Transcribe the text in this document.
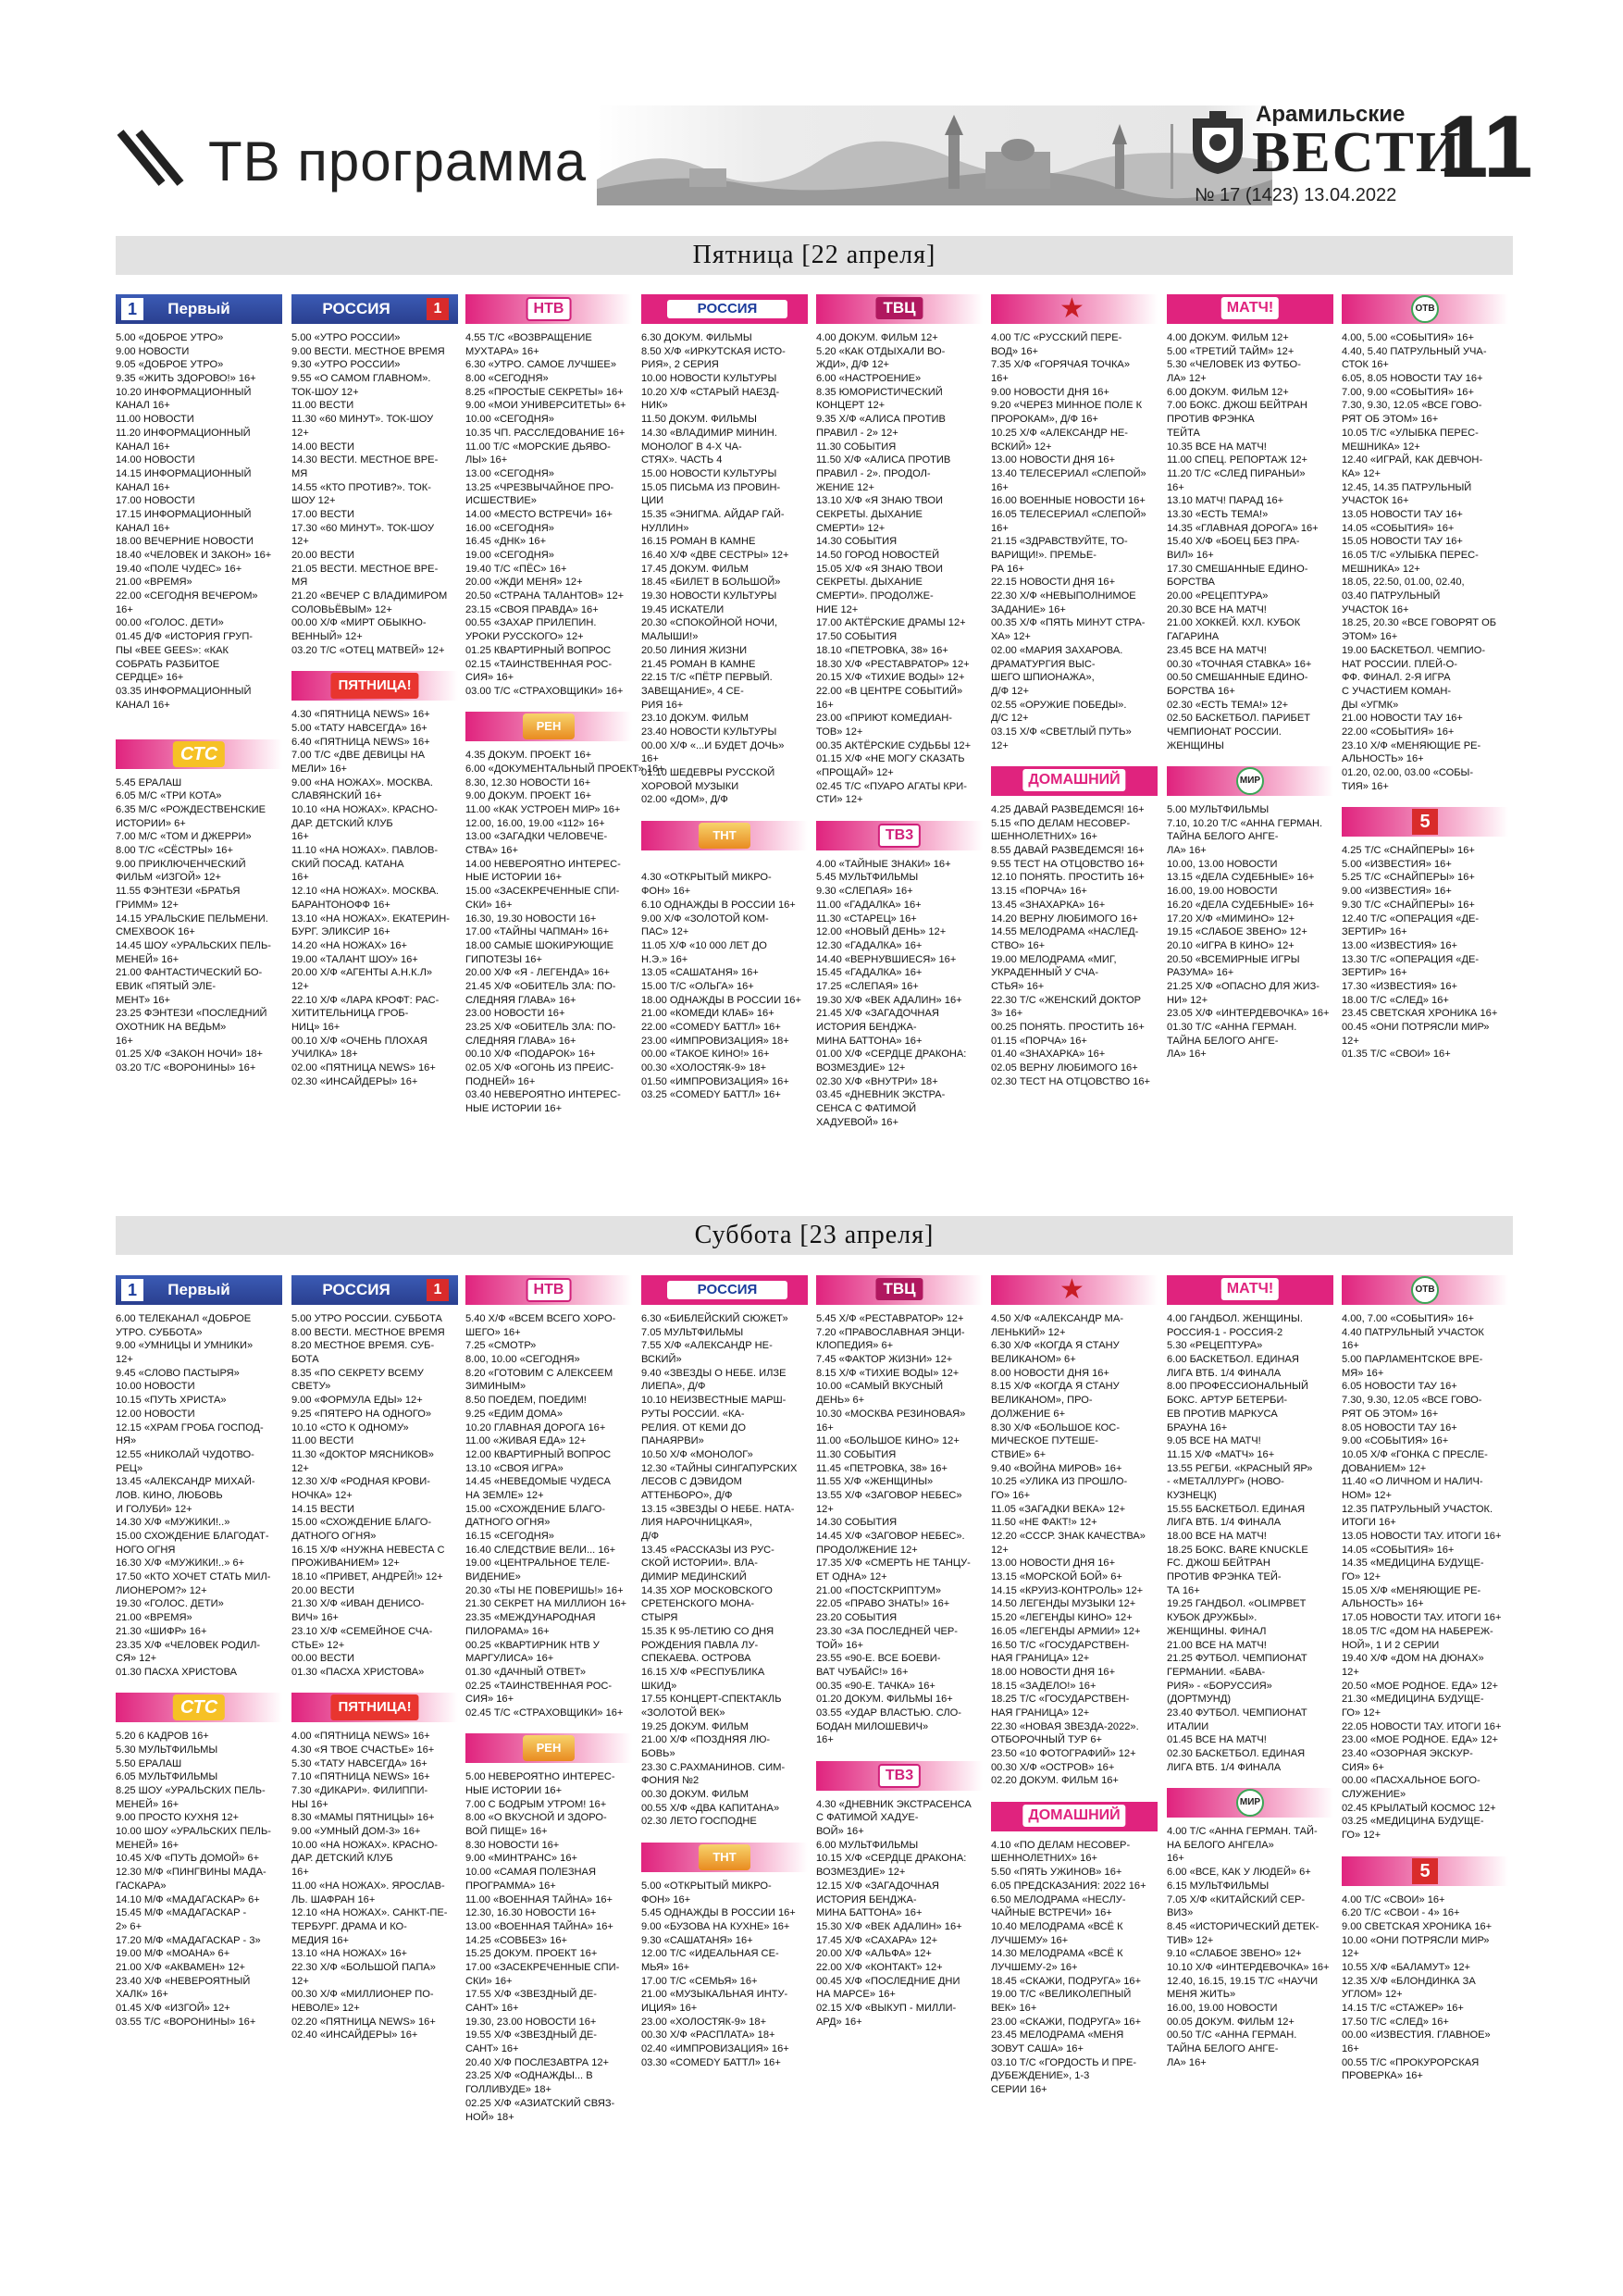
ТВ программа
Арамильские
ВЕСТИ
11
№ 17 (1423) 13.04.2022
Пятница [22 апреля]
Суббота [23 апреля]
1	Первый
5.00 «ДОБРОЕ УТРО»
9.00 НОВОСТИ
9.05 «ДОБРОЕ УТРО»
9.35 «ЖИТЬ ЗДОРОВО!» 16+
10.20 ИНФОРМАЦИОННЫЙ
КАНАЛ 16+
11.00 НОВОСТИ
11.20 ИНФОРМАЦИОННЫЙ
КАНАЛ 16+
14.00 НОВОСТИ
14.15 ИНФОРМАЦИОННЫЙ
КАНАЛ 16+
17.00 НОВОСТИ
17.15 ИНФОРМАЦИОННЫЙ
КАНАЛ 16+
18.00 ВЕЧЕРНИЕ НОВОСТИ
18.40 «ЧЕЛОВЕК И ЗАКОН» 16+
19.40 «ПОЛЕ ЧУДЕС» 16+
21.00 «ВРЕМЯ»
22.00 «СЕГОДНЯ ВЕЧЕРОМ»
16+
00.00 «ГОЛОС. ДЕТИ»
01.45 Д/Ф «ИСТОРИЯ ГРУП-
ПЫ «BEE GEES»: «КАК
СОБРАТЬ РАЗБИТОЕ
СЕРДЦЕ» 16+
03.35 ИНФОРМАЦИОННЫЙ
КАНАЛ 16+
СТС
5.45 ЕРАЛАШ
6.05 М/С «ТРИ КОТА»
6.35 М/С «РОЖДЕСТВЕНСКИЕ
ИСТОРИИ» 6+
7.00 М/С «ТОМ И ДЖЕРРИ»
8.00 Т/С «СЁСТРЫ» 16+
9.00 ПРИКЛЮЧЕНЧЕСКИЙ
ФИЛЬМ «ИЗГОЙ» 12+
11.55 ФЭНТЕЗИ «БРАТЬЯ
ГРИММ» 12+
14.15 УРАЛЬСКИЕ ПЕЛЬМЕНИ.
СМЕХBOOK 16+
14.45 ШОУ «УРАЛЬСКИХ ПЕЛЬ-
МЕНЕЙ» 16+
21.00 ФАНТАСТИЧЕСКИЙ БО-
ЕВИК «ПЯТЫЙ ЭЛЕ-
МЕНТ» 16+
23.25 ФЭНТЕЗИ «ПОСЛЕДНИЙ
ОХОТНИК НА ВЕДЬМ»
16+
01.25 Х/Ф «ЗАКОН НОЧИ» 18+
03.20 Т/С «ВОРОНИНЫ» 16+
РОССИЯ	1
5.00 «УТРО РОССИИ»
9.00 ВЕСТИ. МЕСТНОЕ ВРЕМЯ
9.30 «УТРО РОССИИ»
9.55 «О САМОМ ГЛАВНОМ».
ТОК-ШОУ 12+
11.00 ВЕСТИ
11.30 «60 МИНУТ». ТОК-ШОУ
12+
14.00 ВЕСТИ
14.30 ВЕСТИ. МЕСТНОЕ ВРЕ-
МЯ
14.55 «КТО ПРОТИВ?». ТОК-
ШОУ 12+
17.00 ВЕСТИ
17.30 «60 МИНУТ». ТОК-ШОУ
12+
20.00 ВЕСТИ
21.05 ВЕСТИ. МЕСТНОЕ ВРЕ-
МЯ
21.20 «ВЕЧЕР С ВЛАДИМИРОМ
СОЛОВЬЁВЫМ» 12+
00.00 Х/Ф «МИРТ ОБЫКНО-
ВЕННЫЙ» 12+
03.20 Т/С «ОТЕЦ МАТВЕЙ» 12+
ПЯТНИЦА!
4.30 «ПЯТНИЦА NEWS» 16+
5.00 «ТАТУ НАВСЕГДА» 16+
6.40 «ПЯТНИЦА NEWS» 16+
7.00 Т/С «ДВЕ ДЕВИЦЫ НА
МЕЛИ» 16+
9.00 «НА НОЖАХ». МОСКВА.
СЛАВЯНСКИЙ 16+
10.10 «НА НОЖАХ». КРАСНО-
ДАР. ДЕТСКИЙ КЛУБ
16+
11.10 «НА НОЖАХ». ПАВЛОВ-
СКИЙ ПОСАД. КАТАНА
16+
12.10 «НА НОЖАХ». МОСКВА.
БАРАНТОНОФФ 16+
13.10 «НА НОЖАХ». ЕКАТЕРИН-
БУРГ. ЭЛИКСИР 16+
14.20 «НА НОЖАХ» 16+
19.00 «ТАЛАНТ ШОУ» 16+
20.00 Х/Ф «АГЕНТЫ А.Н.К.Л»
12+
22.10 Х/Ф «ЛАРА КРОФТ: РАС-
ХИТИТЕЛЬНИЦА ГРОБ-
НИЦ» 16+
00.10 Х/Ф «ОЧЕНЬ ПЛОХАЯ
УЧИЛКА» 18+
02.00 «ПЯТНИЦА NEWS» 16+
02.30 «ИНСАЙДЕРЫ» 16+
НТВ
4.55 Т/С «ВОЗВРАЩЕНИЕ
МУХТАРА» 16+
6.30 «УТРО. САМОЕ ЛУЧШЕЕ»
8.00 «СЕГОДНЯ»
8.25 «ПРОСТЫЕ СЕКРЕТЫ» 16+
9.00 «МОИ УНИВЕРСИТЕТЫ» 6+
10.00 «СЕГОДНЯ»
10.35 ЧП. РАССЛЕДОВАНИЕ 16+
11.00 Т/С «МОРСКИЕ ДЬЯВО-
ЛЫ» 16+
13.00 «СЕГОДНЯ»
13.25 «ЧРЕЗВЫЧАЙНОЕ ПРО-
ИСШЕСТВИЕ»
14.00 «МЕСТО ВСТРЕЧИ» 16+
16.00 «СЕГОДНЯ»
16.45 «ДНК» 16+
19.00 «СЕГОДНЯ»
19.40 Т/С «ПЁС» 16+
20.00 «ЖДИ МЕНЯ» 12+
20.50 «СТРАНА ТАЛАНТОВ» 12+
23.15 «СВОЯ ПРАВДА» 16+
00.55 «ЗАХАР ПРИЛЕПИН.
УРОКИ РУССКОГО» 12+
01.25 КВАРТИРНЫЙ ВОПРОС
02.15 «ТАИНСТВЕННАЯ РОС-
СИЯ» 16+
03.00 Т/С «СТРАХОВЩИКИ» 16+
РЕН
4.35 ДОКУМ. ПРОЕКТ 16+
6.00 «ДОКУМЕНТАЛЬНЫЙ ПРОЕКТ» 16+
8.30, 12.30 НОВОСТИ 16+
9.00 ДОКУМ. ПРОЕКТ 16+
11.00 «КАК УСТРОЕН МИР» 16+
12.00, 16.00, 19.00 «112» 16+
13.00 «ЗАГАДКИ ЧЕЛОВЕЧЕ-
СТВА» 16+
14.00 НЕВЕРОЯТНО ИНТЕРЕС-
НЫЕ ИСТОРИИ 16+
15.00 «ЗАСЕКРЕЧЕННЫЕ СПИ-
СКИ» 16+
16.30, 19.30 НОВОСТИ 16+
17.00 «ТАЙНЫ ЧАПМАН» 16+
18.00 САМЫЕ ШОКИРУЮЩИЕ
ГИПОТЕЗЫ 16+
20.00 Х/Ф «Я - ЛЕГЕНДА» 16+
21.45 Х/Ф «ОБИТЕЛЬ ЗЛА: ПО-
СЛЕДНЯЯ ГЛАВА» 16+
23.00 НОВОСТИ 16+
23.25 Х/Ф «ОБИТЕЛЬ ЗЛА: ПО-
СЛЕДНЯЯ ГЛАВА» 16+
00.10 Х/Ф «ПОДАРОК» 16+
02.05 Х/Ф «ОГОНЬ ИЗ ПРЕИС-
ПОДНЕЙ» 16+
03.40 НЕВЕРОЯТНО ИНТЕРЕС-
НЫЕ ИСТОРИИ 16+
РОССИЯ
6.30 ДОКУМ. ФИЛЬМЫ
8.50 Х/Ф «ИРКУТСКАЯ ИСТО-
РИЯ», 2 СЕРИЯ
10.00 НОВОСТИ КУЛЬТУРЫ
10.20 Х/Ф «СТАРЫЙ НАЕЗД-
НИК»
11.50 ДОКУМ. ФИЛЬМЫ
14.30 «ВЛАДИМИР МИНИН.
МОНОЛОГ В 4-Х ЧА-
СТЯХ». ЧАСТЬ 4
15.00 НОВОСТИ КУЛЬТУРЫ
15.05 ПИСЬМА ИЗ ПРОВИН-
ЦИИ
15.35 «ЭНИГМА. АЙДАР ГАЙ-
НУЛЛИН»
16.15 РОМАН В КАМНЕ
16.40 Х/Ф «ДВЕ СЕСТРЫ» 12+
17.45 ДОКУМ. ФИЛЬМ
18.45 «БИЛЕТ В БОЛЬШОЙ»
19.30 НОВОСТИ КУЛЬТУРЫ
19.45 ИСКАТЕЛИ
20.30 «СПОКОЙНОЙ НОЧИ,
МАЛЫШИ!»
20.50 ЛИНИЯ ЖИЗНИ
21.45 РОМАН В КАМНЕ
22.15 Т/С «ПЁТР ПЕРВЫЙ.
ЗАВЕЩАНИЕ», 4 СЕ-
РИЯ 16+
23.10 ДОКУМ. ФИЛЬМ
23.40 НОВОСТИ КУЛЬТУРЫ
00.00 Х/Ф «...И БУДЕТ ДОЧЬ»
16+
01.10 ШЕДЕВРЫ РУССКОЙ
ХОРОВОЙ МУЗЫКИ
02.00 «ДОМ», Д/Ф
ТНТ
4.30 «ОТКРЫТЫЙ МИКРО-
ФОН» 16+
6.10 ОДНАЖДЫ В РОССИИ 16+
9.00 Х/Ф «ЗОЛОТОЙ КОМ-
ПАС» 12+
11.05 Х/Ф «10 000 ЛЕТ ДО
Н.Э.» 16+
13.05 «САШАТАНЯ» 16+
15.00 Т/С «ОЛЬГА» 16+
18.00 ОДНАЖДЫ В РОССИИ 16+
21.00 «КОМЕДИ КЛАБ» 16+
22.00 «COMEDY БАТТЛ» 16+
23.00 «ИМПРОВИЗАЦИЯ» 18+
00.00 «ТАКОЕ КИНО!» 16+
00.30 «ХОЛОСТЯК-9» 18+
01.50 «ИМПРОВИЗАЦИЯ» 16+
03.25 «COMEDY БАТТЛ» 16+
ТВЦ
4.00 ДОКУМ. ФИЛЬМ 12+
5.20 «КАК ОТДЫХАЛИ ВО-
ЖДИ», Д/Ф 12+
6.00 «НАСТРОЕНИЕ»
8.35 ЮМОРИСТИЧЕСКИЙ
КОНЦЕРТ 12+
9.35 Х/Ф «АЛИСА ПРОТИВ
ПРАВИЛ - 2» 12+
11.30 СОБЫТИЯ
11.50 Х/Ф «АЛИСА ПРОТИВ
ПРАВИЛ - 2». ПРОДОЛ-
ЖЕНИЕ 12+
13.10 Х/Ф «Я ЗНАЮ ТВОИ
СЕКРЕТЫ. ДЫХАНИЕ
СМЕРТИ» 12+
14.30 СОБЫТИЯ
14.50 ГОРОД НОВОСТЕЙ
15.05 Х/Ф «Я ЗНАЮ ТВОИ
СЕКРЕТЫ. ДЫХАНИЕ
СМЕРТИ». ПРОДОЛЖЕ-
НИЕ 12+
17.00 АКТЁРСКИЕ ДРАМЫ 12+
17.50 СОБЫТИЯ
18.10 «ПЕТРОВКА, 38» 16+
18.30 Х/Ф «РЕСТАВРАТОР» 12+
20.15 Х/Ф «ТИХИЕ ВОДЫ» 12+
22.00 «В ЦЕНТРЕ СОБЫТИЙ»
16+
23.00 «ПРИЮТ КОМЕДИАН-
ТОВ» 12+
00.35 АКТЁРСКИЕ СУДЬБЫ 12+
01.15 Х/Ф «НЕ МОГУ СКАЗАТЬ
«ПРОЩАЙ» 12+
02.45 Т/С «ПУАРО АГАТЫ КРИ-
СТИ» 12+
ТВ3
4.00 «ТАЙНЫЕ ЗНАКИ» 16+
5.45 МУЛЬТФИЛЬМЫ
9.30 «СЛЕПАЯ» 16+
11.00 «ГАДАЛКА» 16+
11.30 «СТАРЕЦ» 16+
12.00 «НОВЫЙ ДЕНЬ» 12+
12.30 «ГАДАЛКА» 16+
14.40 «ВЕРНУВШИЕСЯ» 16+
15.45 «ГАДАЛКА» 16+
17.25 «СЛЕПАЯ» 16+
19.30 Х/Ф «ВЕК АДАЛИН» 16+
21.45 Х/Ф «ЗАГАДОЧНАЯ
ИСТОРИЯ БЕНДЖА-
МИНА БАТТОНА» 16+
01.00 Х/Ф «СЕРДЦЕ ДРАКОНА:
ВОЗМЕЗДИЕ» 12+
02.30 Х/Ф «ВНУТРИ» 18+
03.45 «ДНЕВНИК ЭКСТРА-
СЕНСА С ФАТИМОЙ
ХАДУЕВОЙ» 16+
★
4.00 Т/С «РУССКИЙ ПЕРЕ-
ВОД» 16+
7.35 Х/Ф «ГОРЯЧАЯ ТОЧКА»
16+
9.00 НОВОСТИ ДНЯ 16+
9.20 «ЧЕРЕЗ МИННОЕ ПОЛЕ К
ПРОРОКАМ», Д/Ф 16+
10.25 Х/Ф «АЛЕКСАНДР НЕ-
ВСКИЙ» 12+
13.00 НОВОСТИ ДНЯ 16+
13.40 ТЕЛЕСЕРИАЛ «СЛЕПОЙ»
16+
16.00 ВОЕННЫЕ НОВОСТИ 16+
16.05 ТЕЛЕСЕРИАЛ «СЛЕПОЙ»
16+
21.15 «ЗДРАВСТВУЙТЕ, ТО-
ВАРИЩИ!». ПРЕМЬЕ-
РА 16+
22.15 НОВОСТИ ДНЯ 16+
22.30 Х/Ф «НЕВЫПОЛНИМОЕ
ЗАДАНИЕ» 16+
00.35 Х/Ф «ПЯТЬ МИНУТ СТРА-
ХА» 12+
02.00 «МАРИЯ ЗАХАРОВА.
ДРАМАТУРГИЯ ВЫС-
ШЕГО ШПИОНАЖА»,
Д/Ф 12+
02.55 «ОРУЖИЕ ПОБЕДЫ».
Д/С 12+
03.15 Х/Ф «СВЕТЛЫЙ ПУТЬ»
12+
ДОМАШНИЙ
4.25 ДАВАЙ РАЗВЕДЕМСЯ! 16+
5.15 «ПО ДЕЛАМ НЕСОВЕР-
ШЕННОЛЕТНИХ» 16+
8.55 ДАВАЙ РАЗВЕДЕМСЯ! 16+
9.55 ТЕСТ НА ОТЦОВСТВО 16+
12.10 ПОНЯТЬ. ПРОСТИТЬ 16+
13.15 «ПОРЧА» 16+
13.45 «ЗНАХАРКА» 16+
14.20 ВЕРНУ ЛЮБИМОГО 16+
14.55 МЕЛОДРАМА «НАСЛЕД-
СТВО» 16+
19.00 МЕЛОДРАМА «МИГ,
УКРАДЕННЫЙ У СЧА-
СТЬЯ» 16+
22.30 Т/С «ЖЕНСКИЙ ДОКТОР
3» 16+
00.25 ПОНЯТЬ. ПРОСТИТЬ 16+
01.15 «ПОРЧА» 16+
01.40 «ЗНАХАРКА» 16+
02.05 ВЕРНУ ЛЮБИМОГО 16+
02.30 ТЕСТ НА ОТЦОВСТВО 16+
МАТЧ!
4.00 ДОКУМ. ФИЛЬМ 12+
5.00 «ТРЕТИЙ ТАЙМ» 12+
5.30 «ЧЕЛОВЕК ИЗ ФУТБО-
ЛА» 12+
6.00 ДОКУМ. ФИЛЬМ 12+
7.00 БОКС. ДЖОШ БЕЙТРАН
ПРОТИВ ФРЭНКА
ТЕЙТА
10.35 ВСЕ НА МАТЧ!
11.00 СПЕЦ. РЕПОРТАЖ 12+
11.20 Т/С «СЛЕД ПИРАНЬИ»
16+
13.10 МАТЧ! ПАРАД 16+
13.30 «ЕСТЬ ТЕМА!»
14.35 «ГЛАВНАЯ ДОРОГА» 16+
15.40 Х/Ф «БОЕЦ БЕЗ ПРА-
ВИЛ» 16+
17.30 СМЕШАННЫЕ ЕДИНО-
БОРСТВА
20.00 «РЕЦЕПТУРА»
20.30 ВСЕ НА МАТЧ!
21.00 ХОККЕЙ. КХЛ. КУБОК
ГАГАРИНА
23.45 ВСЕ НА МАТЧ!
00.30 «ТОЧНАЯ СТАВКА» 16+
00.50 СМЕШАННЫЕ ЕДИНО-
БОРСТВА 16+
02.30 «ЕСТЬ ТЕМА!» 12+
02.50 БАСКЕТБОЛ. ПАРИБЕТ
ЧЕМПИОНАТ РОССИИ.
ЖЕНЩИНЫ
МИР
5.00 МУЛЬТФИЛЬМЫ
7.10, 10.20 Т/С «АННА ГЕРМАН.
ТАЙНА БЕЛОГО АНГЕ-
ЛА» 16+
10.00, 13.00 НОВОСТИ
13.15 «ДЕЛА СУДЕБНЫЕ» 16+
16.00, 19.00 НОВОСТИ
16.20 «ДЕЛА СУДЕБНЫЕ» 16+
17.20 Х/Ф «МИМИНО» 12+
19.15 «СЛАБОЕ ЗВЕНО» 12+
20.10 «ИГРА В КИНО» 12+
20.50 «ВСЕМИРНЫЕ ИГРЫ
РАЗУМА» 16+
21.25 Х/Ф «ОПАСНО ДЛЯ ЖИЗ-
НИ» 12+
23.05 Х/Ф «ИНТЕРДЕВОЧКА» 16+
01.30 Т/С «АННА ГЕРМАН.
ТАЙНА БЕЛОГО АНГЕ-
ЛА» 16+
ОТВ
4.00, 5.00 «СОБЫТИЯ» 16+
4.40, 5.40 ПАТРУЛЬНЫЙ УЧА-
СТОК 16+
6.05, 8.05 НОВОСТИ ТАУ 16+
7.00, 9.00 «СОБЫТИЯ» 16+
7.30, 9.30, 12.05 «ВСЕ ГОВО-
РЯТ ОБ ЭТОМ» 16+
10.05 Т/С «УЛЫБКА ПЕРЕС-
МЕШНИКА» 12+
12.40 «ИГРАЙ, КАК ДЕВЧОН-
КА» 12+
12.45, 14.35 ПАТРУЛЬНЫЙ
УЧАСТОК 16+
13.05 НОВОСТИ ТАУ 16+
14.05 «СОБЫТИЯ» 16+
15.05 НОВОСТИ ТАУ 16+
16.05 Т/С «УЛЫБКА ПЕРЕС-
МЕШНИКА» 12+
18.05, 22.50, 01.00, 02.40,
03.40 ПАТРУЛЬНЫЙ
УЧАСТОК 16+
18.25, 20.30 «ВСЕ ГОВОРЯТ ОБ
ЭТОМ» 16+
19.00 БАСКЕТБОЛ. ЧЕМПИО-
НАТ РОССИИ. ПЛЕЙ-О-
ФФ. ФИНАЛ. 2-Я ИГРА
С УЧАСТИЕМ КОМАН-
ДЫ «УГМК»
21.00 НОВОСТИ ТАУ 16+
22.00 «СОБЫТИЯ» 16+
23.10 Х/Ф «МЕНЯЮЩИЕ РЕ-
АЛЬНОСТЬ» 16+
01.20, 02.00, 03.00 «СОБЫ-
ТИЯ» 16+
5
4.25 Т/С «СНАЙПЕРЫ» 16+
5.00 «ИЗВЕСТИЯ» 16+
5.25 Т/С «СНАЙПЕРЫ» 16+
9.00 «ИЗВЕСТИЯ» 16+
9.30 Т/С «СНАЙПЕРЫ» 16+
12.40 Т/С «ОПЕРАЦИЯ «ДЕ-
ЗЕРТИР» 16+
13.00 «ИЗВЕСТИЯ» 16+
13.30 Т/С «ОПЕРАЦИЯ «ДЕ-
ЗЕРТИР» 16+
17.30 «ИЗВЕСТИЯ» 16+
18.00 Т/С «СЛЕД» 16+
23.45 СВЕТСКАЯ ХРОНИКА 16+
00.45 «ОНИ ПОТРЯСЛИ МИР»
12+
01.35 Т/С «СВОИ» 16+
1	Первый
6.00 ТЕЛЕКАНАЛ «ДОБРОЕ
УТРО. СУББОТА»
9.00 «УМНИЦЫ И УМНИКИ»
12+
9.45 «СЛОВО ПАСТЫРЯ»
10.00 НОВОСТИ
10.15 «ПУТЬ ХРИСТА»
12.00 НОВОСТИ
12.15 «ХРАМ ГРОБА ГОСПОД-
НЯ»
12.55 «НИКОЛАЙ ЧУДОТВО-
РЕЦ»
13.45 «АЛЕКСАНДР МИХАЙ-
ЛОВ. КИНО, ЛЮБОВЬ
И ГОЛУБИ» 12+
14.30 Х/Ф «МУЖИКИ!..»
15.00 СХОЖДЕНИЕ БЛАГОДАТ-
НОГО ОГНЯ
16.30 Х/Ф «МУЖИКИ!..» 6+
17.50 «КТО ХОЧЕТ СТАТЬ МИЛ-
ЛИОНЕРОМ?» 12+
19.30 «ГОЛОС. ДЕТИ»
21.00 «ВРЕМЯ»
21.30 «ШИФР» 16+
23.35 Х/Ф «ЧЕЛОВЕК РОДИЛ-
СЯ» 12+
01.30 ПАСХА ХРИСТОВА
СТС
5.20 6 КАДРОВ 16+
5.30 МУЛЬТФИЛЬМЫ
5.50 ЕРАЛАШ
6.05 МУЛЬТФИЛЬМЫ
8.25 ШОУ «УРАЛЬСКИХ ПЕЛЬ-
МЕНЕЙ» 16+
9.00 ПРОСТО КУХНЯ 12+
10.00 ШОУ «УРАЛЬСКИХ ПЕЛЬ-
МЕНЕЙ» 16+
10.45 Х/Ф «ПУТЬ ДОМОЙ» 6+
12.30 М/Ф «ПИНГВИНЫ МАДА-
ГАСКАРА»
14.10 М/Ф «МАДАГАСКАР» 6+
15.45 М/Ф «МАДАГАСКАР -
2» 6+
17.20 М/Ф «МАДАГАСКАР - 3»
19.00 М/Ф «МОАНА» 6+
21.00 Х/Ф «АКВАМЕН» 12+
23.40 Х/Ф «НЕВЕРОЯТНЫЙ
ХАЛК» 16+
01.45 Х/Ф «ИЗГОЙ» 12+
03.55 Т/С «ВОРОНИНЫ» 16+
РОССИЯ	1
5.00 УТРО РОССИИ. СУББОТА
8.00 ВЕСТИ. МЕСТНОЕ ВРЕМЯ
8.20 МЕСТНОЕ ВРЕМЯ. СУБ-
БОТА
8.35 «ПО СЕКРЕТУ ВСЕМУ
СВЕТУ»
9.00 «ФОРМУЛА ЕДЫ» 12+
9.25 «ПЯТЕРО НА ОДНОГО»
10.10 «СТО К ОДНОМУ»
11.00 ВЕСТИ
11.30 «ДОКТОР МЯСНИКОВ»
12+
12.30 Х/Ф «РОДНАЯ КРОВИ-
НОЧКА» 12+
14.15 ВЕСТИ
15.00 «СХОЖДЕНИЕ БЛАГО-
ДАТНОГО ОГНЯ»
16.15 Х/Ф «НУЖНА НЕВЕСТА С
ПРОЖИВАНИЕМ» 12+
18.10 «ПРИВЕТ, АНДРЕЙ!» 12+
20.00 ВЕСТИ
21.30 Х/Ф «ИВАН ДЕНИСО-
ВИЧ» 16+
23.10 Х/Ф «СЕМЕЙНОЕ СЧА-
СТЬЕ» 12+
00.00 ВЕСТИ
01.30 «ПАСХА ХРИСТОВА»
ПЯТНИЦА!
4.00 «ПЯТНИЦА NEWS» 16+
4.30 «Я ТВОЕ СЧАСТЬЕ» 16+
5.30 «ТАТУ НАВСЕГДА» 16+
7.10 «ПЯТНИЦА NEWS» 16+
7.30 «ДИКАРИ». ФИЛИППИ-
НЫ 16+
8.30 «МАМЫ ПЯТНИЦЫ» 16+
9.00 «УМНЫЙ ДОМ-3» 16+
10.00 «НА НОЖАХ». КРАСНО-
ДАР. ДЕТСКИЙ КЛУБ
16+
11.00 «НА НОЖАХ». ЯРОСЛАВ-
ЛЬ. ШАФРАН 16+
12.10 «НА НОЖАХ». САНКТ-ПЕ-
ТЕРБУРГ. ДРАМА И КО-
МЕДИЯ 16+
13.10 «НА НОЖАХ» 16+
22.30 Х/Ф «БОЛЬШОЙ ПАПА»
12+
00.30 Х/Ф «МИЛЛИОНЕР ПО-
НЕВОЛЕ» 12+
02.20 «ПЯТНИЦА NEWS» 16+
02.40 «ИНСАЙДЕРЫ» 16+
НТВ
5.40 Х/Ф «ВСЕМ ВСЕГО ХОРО-
ШЕГО» 16+
7.25 «СМОТР»
8.00, 10.00 «СЕГОДНЯ»
8.20 «ГОТОВИМ С АЛЕКСЕЕМ
ЗИМИНЫМ»
8.50 ПОЕДЕМ, ПОЕДИМ!
9.25 «ЕДИМ ДОМА»
10.20 ГЛАВНАЯ ДОРОГА 16+
11.00 «ЖИВАЯ ЕДА» 12+
12.00 КВАРТИРНЫЙ ВОПРОС
13.10 «СВОЯ ИГРА»
14.45 «НЕВЕДОМЫЕ ЧУДЕСА
НА ЗЕМЛЕ» 12+
15.00 «СХОЖДЕНИЕ БЛАГО-
ДАТНОГО ОГНЯ»
16.15 «СЕГОДНЯ»
16.40 СЛЕДСТВИЕ ВЕЛИ... 16+
19.00 «ЦЕНТРАЛЬНОЕ ТЕЛЕ-
ВИДЕНИЕ»
20.30 «ТЫ НЕ ПОВЕРИШЬ!» 16+
21.30 СЕКРЕТ НА МИЛЛИОН 16+
23.35 «МЕЖДУНАРОДНАЯ
ПИЛОРАМА» 16+
00.25 «КВАРТИРНИК НТВ У
МАРГУЛИСА» 16+
01.30 «ДАЧНЫЙ ОТВЕТ»
02.25 «ТАИНСТВЕННАЯ РОС-
СИЯ» 16+
02.45 Т/С «СТРАХОВЩИКИ» 16+
РЕН
5.00 НЕВЕРОЯТНО ИНТЕРЕС-
НЫЕ ИСТОРИИ 16+
7.00 С БОДРЫМ УТРОМ! 16+
8.00 «О ВКУСНОЙ И ЗДОРО-
ВОЙ ПИЩЕ» 16+
8.30 НОВОСТИ 16+
9.00 «МИНТРАНС» 16+
10.00 «САМАЯ ПОЛЕЗНАЯ
ПРОГРАММА» 16+
11.00 «ВОЕННАЯ ТАЙНА» 16+
12.30, 16.30 НОВОСТИ 16+
13.00 «ВОЕННАЯ ТАЙНА» 16+
14.25 «СОВБЕЗ» 16+
15.25 ДОКУМ. ПРОЕКТ 16+
17.00 «ЗАСЕКРЕЧЕННЫЕ СПИ-
СКИ» 16+
17.55 Х/Ф «ЗВЕЗДНЫЙ ДЕ-
САНТ» 16+
19.30, 23.00 НОВОСТИ 16+
19.55 Х/Ф «ЗВЕЗДНЫЙ ДЕ-
САНТ» 16+
20.40 Х/Ф ПОСЛЕЗАВТРА 12+
23.25 Х/Ф «ОДНАЖДЫ... В
ГОЛЛИВУДЕ» 18+
02.25 Х/Ф «АЗИАТСКИЙ СВЯЗ-
НОЙ» 18+
РОССИЯ
6.30 «БИБЛЕЙСКИЙ СЮЖЕТ»
7.05 МУЛЬТФИЛЬМЫ
7.55 Х/Ф «АЛЕКСАНДР НЕ-
ВСКИЙ»
9.40 «ЗВЕЗДЫ О НЕБЕ. ИЛЗЕ
ЛИЕПА», Д/Ф
10.10 НЕИЗВЕСТНЫЕ МАРШ-
РУТЫ РОССИИ. «КА-
РЕЛИЯ. ОТ КЕМИ ДО
ПАНАЯРВИ»
10.50 Х/Ф «МОНОЛОГ»
12.30 «ТАЙНЫ СИНГАПУРСКИХ
ЛЕСОВ С ДЭВИДОМ
АТТЕНБОРО», Д/Ф
13.15 «ЗВЕЗДЫ О НЕБЕ. НАТА-
ЛИЯ НАРОЧНИЦКАЯ»,
Д/Ф
13.45 «РАССКАЗЫ ИЗ РУС-
СКОЙ ИСТОРИИ». ВЛА-
ДИМИР МЕДИНСКИЙ
14.35 ХОР МОСКОВСКОГО
СРЕТЕНСКОГО МОНА-
СТЫРЯ
15.35 К 95-ЛЕТИЮ СО ДНЯ
РОЖДЕНИЯ ПАВЛА ЛУ-
СПЕКАЕВА. ОСТРОВА
16.15 Х/Ф «РЕСПУБЛИКА
ШКИД»
17.55 КОНЦЕРТ-СПЕКТАКЛЬ
«ЗОЛОТОЙ ВЕК»
19.25 ДОКУМ. ФИЛЬМ
21.00 Х/Ф «ПОЗДНЯЯ ЛЮ-
БОВЬ»
23.30 С.РАХМАНИНОВ. СИМ-
ФОНИЯ №2
00.30 ДОКУМ. ФИЛЬМ
00.55 Х/Ф «ДВА КАПИТАНА»
02.30 ЛЕТО ГОСПОДНЕ
ТНТ
5.00 «ОТКРЫТЫЙ МИКРО-
ФОН» 16+
5.45 ОДНАЖДЫ В РОССИИ 16+
9.00 «БУЗОВА НА КУХНЕ» 16+
9.30 «САШАТАНЯ» 16+
12.00 Т/С «ИДЕАЛЬНАЯ СЕ-
МЬЯ» 16+
17.00 Т/С «СЕМЬЯ» 16+
21.00 «МУЗЫКАЛЬНАЯ ИНТУ-
ИЦИЯ» 16+
23.00 «ХОЛОСТЯК-9» 18+
00.30 Х/Ф «РАСПЛАТА» 18+
02.40 «ИМПРОВИЗАЦИЯ» 16+
03.30 «COMEDY БАТТЛ» 16+
ТВЦ
5.45 Х/Ф «РЕСТАВРАТОР» 12+
7.20 «ПРАВОСЛАВНАЯ ЭНЦИ-
КЛОПЕДИЯ» 6+
7.45 «ФАКТОР ЖИЗНИ» 12+
8.15 Х/Ф «ТИХИЕ ВОДЫ» 12+
10.00 «САМЫЙ ВКУСНЫЙ
ДЕНЬ» 6+
10.30 «МОСКВА РЕЗИНОВАЯ»
16+
11.00 «БОЛЬШОЕ КИНО» 12+
11.30 СОБЫТИЯ
11.45 «ПЕТРОВКА, 38» 16+
11.55 Х/Ф «ЖЕНЩИНЫ»
13.55 Х/Ф «ЗАГОВОР НЕБЕС»
12+
14.30 СОБЫТИЯ
14.45 Х/Ф «ЗАГОВОР НЕБЕС».
ПРОДОЛЖЕНИЕ 12+
17.35 Х/Ф «СМЕРТЬ НЕ ТАНЦУ-
ЕТ ОДНА» 12+
21.00 «ПОСТСКРИПТУМ»
22.05 «ПРАВО ЗНАТЬ!» 16+
23.20 СОБЫТИЯ
23.30 «ЗА ПОСЛЕДНЕЙ ЧЕР-
ТОЙ» 16+
23.55 «90-Е. ВСЕ БОЕВИ-
ВАТ ЧУБАЙС!» 16+
00.35 «90-Е. ТАЧКА» 16+
01.20 ДОКУМ. ФИЛЬМЫ 16+
03.55 «УДАР ВЛАСТЬЮ. СЛО-
БОДАН МИЛОШЕВИЧ»
16+
ТВ3
4.30 «ДНЕВНИК ЭКСТРАСЕНСА
С ФАТИМОЙ ХАДУЕ-
ВОЙ» 16+
6.00 МУЛЬТФИЛЬМЫ
10.15 Х/Ф «СЕРДЦЕ ДРАКОНА:
ВОЗМЕЗДИЕ» 12+
12.15 Х/Ф «ЗАГАДОЧНАЯ
ИСТОРИЯ БЕНДЖА-
МИНА БАТТОНА» 16+
15.30 Х/Ф «ВЕК АДАЛИН» 16+
17.45 Х/Ф «САХАРА» 12+
20.00 Х/Ф «АЛЬФА» 12+
22.00 Х/Ф «КОНТАКТ» 12+
00.45 Х/Ф «ПОСЛЕДНИЕ ДНИ
НА МАРСЕ» 16+
02.15 Х/Ф «ВЫКУП - МИЛЛИ-
АРД» 16+
★
4.50 Х/Ф «АЛЕКСАНДР МА-
ЛЕНЬКИЙ» 12+
6.30 Х/Ф «КОГДА Я СТАНУ
ВЕЛИКАНОМ» 6+
8.00 НОВОСТИ ДНЯ 16+
8.15 Х/Ф «КОГДА Я СТАНУ
ВЕЛИКАНОМ», ПРО-
ДОЛЖЕНИЕ 6+
8.30 Х/Ф «БОЛЬШОЕ КОС-
МИЧЕСКОЕ ПУТЕШЕ-
СТВИЕ» 6+
9.40 «ВОЙНА МИРОВ» 16+
10.25 «УЛИКА ИЗ ПРОШЛО-
ГО» 16+
11.05 «ЗАГАДКИ ВЕКА» 12+
11.50 «НЕ ФАКТ!» 12+
12.20 «СССР. ЗНАК КАЧЕСТВА»
12+
13.00 НОВОСТИ ДНЯ 16+
13.15 «МОРСКОЙ БОЙ» 6+
14.15 «КРУИЗ-КОНТРОЛЬ» 12+
14.50 ЛЕГЕНДЫ МУЗЫКИ 12+
15.20 «ЛЕГЕНДЫ КИНО» 12+
16.05 «ЛЕГЕНДЫ АРМИИ» 12+
16.50 Т/С «ГОСУДАРСТВЕН-
НАЯ ГРАНИЦА» 12+
18.00 НОВОСТИ ДНЯ 16+
18.15 «ЗАДЕЛО!» 16+
18.25 Т/С «ГОСУДАРСТВЕН-
НАЯ ГРАНИЦА» 12+
22.30 «НОВАЯ ЗВЕЗДА-2022».
ОТБОРОЧНЫЙ ТУР 6+
23.50 «10 ФОТОГРАФИЙ» 12+
00.30 Х/Ф «ОСТРОВ» 16+
02.20 ДОКУМ. ФИЛЬМ 16+
ДОМАШНИЙ
4.10 «ПО ДЕЛАМ НЕСОВЕР-
ШЕННОЛЕТНИХ» 16+
5.50 «ПЯТЬ УЖИНОВ» 16+
6.05 ПРЕДСКАЗАНИЯ: 2022 16+
6.50 МЕЛОДРАМА «НЕСЛУ-
ЧАЙНЫЕ ВСТРЕЧИ» 16+
10.40 МЕЛОДРАМА «ВСЁ К
ЛУЧШЕМУ» 16+
14.30 МЕЛОДРАМА «ВСЁ К
ЛУЧШЕМУ-2» 16+
18.45 «СКАЖИ, ПОДРУГА» 16+
19.00 Т/С «ВЕЛИКОЛЕПНЫЙ
ВЕК» 16+
23.00 «СКАЖИ, ПОДРУГА» 16+
23.45 МЕЛОДРАМА «МЕНЯ
ЗОВУТ САША» 16+
03.10 Т/С «ГОРДОСТЬ И ПРЕ-
ДУБЕЖДЕНИЕ», 1-3
СЕРИИ 16+
МАТЧ!
4.00 ГАНДБОЛ. ЖЕНЩИНЫ.
РОССИЯ-1 - РОССИЯ-2
5.30 «РЕЦЕПТУРА»
6.00 БАСКЕТБОЛ. ЕДИНАЯ
ЛИГА ВТБ. 1/4 ФИНАЛА
8.00 ПРОФЕССИОНАЛЬНЫЙ
БОКС. АРТУР БЕТЕРБИ-
ЕВ ПРОТИВ МАРКУСА
БРАУНА 16+
9.05 ВСЕ НА МАТЧ!
11.15 Х/Ф «МАТЧ» 16+
13.55 РЕГБИ. «КРАСНЫЙ ЯР»
- «МЕТАЛЛУРГ» (НОВО-
КУЗНЕЦК)
15.55 БАСКЕТБОЛ. ЕДИНАЯ
ЛИГА ВТБ. 1/4 ФИНАЛА
18.00 ВСЕ НА МАТЧ!
18.25 БОКС. BARE KNUCKLE
FC. ДЖОШ БЕЙТРАН
ПРОТИВ ФРЭНКА ТЕЙ-
ТА 16+
19.25 ГАНДБОЛ. «OLIMPBET
КУБОК ДРУЖБЫ».
ЖЕНЩИНЫ. ФИНАЛ
21.00 ВСЕ НА МАТЧ!
21.25 ФУТБОЛ. ЧЕМПИОНАТ
ГЕРМАНИИ. «БАВА-
РИЯ» - «БОРУССИЯ»
(ДОРТМУНД)
23.40 ФУТБОЛ. ЧЕМПИОНАТ
ИТАЛИИ
01.45 ВСЕ НА МАТЧ!
02.30 БАСКЕТБОЛ. ЕДИНАЯ
ЛИГА ВТБ. 1/4 ФИНАЛА
МИР
4.00 Т/С «АННА ГЕРМАН. ТАЙ-
НА БЕЛОГО АНГЕЛА»
16+
6.00 «ВСЕ, КАК У ЛЮДЕЙ» 6+
6.15 МУЛЬТФИЛЬМЫ
7.05 Х/Ф «КИТАЙСКИЙ СЕР-
ВИЗ»
8.45 «ИСТОРИЧЕСКИЙ ДЕТЕК-
ТИВ» 12+
9.10 «СЛАБОЕ ЗВЕНО» 12+
10.10 Х/Ф «ИНТЕРДЕВОЧКА» 16+
12.40, 16.15, 19.15 Т/С «НАУЧИ
МЕНЯ ЖИТЬ»
16.00, 19.00 НОВОСТИ
00.05 ДОКУМ. ФИЛЬМ 12+
00.50 Т/С «АННА ГЕРМАН.
ТАЙНА БЕЛОГО АНГЕ-
ЛА» 16+
ОТВ
4.00, 7.00 «СОБЫТИЯ» 16+
4.40 ПАТРУЛЬНЫЙ УЧАСТОК
16+
5.00 ПАРЛАМЕНТСКОЕ ВРЕ-
МЯ» 16+
6.05 НОВОСТИ ТАУ 16+
7.30, 9.30, 12.05 «ВСЕ ГОВО-
РЯТ ОБ ЭТОМ» 16+
8.05 НОВОСТИ ТАУ 16+
9.00 «СОБЫТИЯ» 16+
10.05 Х/Ф «ГОНКА С ПРЕСЛЕ-
ДОВАНИЕМ» 12+
11.40 «О ЛИЧНОМ И НАЛИЧ-
НОМ» 12+
12.35 ПАТРУЛЬНЫЙ УЧАСТОК.
ИТОГИ 16+
13.05 НОВОСТИ ТАУ. ИТОГИ 16+
14.05 «СОБЫТИЯ» 16+
14.35 «МЕДИЦИНА БУДУЩЕ-
ГО» 12+
15.05 Х/Ф «МЕНЯЮЩИЕ РЕ-
АЛЬНОСТЬ» 16+
17.05 НОВОСТИ ТАУ. ИТОГИ 16+
18.05 Т/С «ДОМ НА НАБЕРЕЖ-
НОЙ», 1 И 2 СЕРИИ
19.40 Х/Ф «ДОМ НА ДЮНАХ»
12+
20.50 «МОЕ РОДНОЕ. ЕДА» 12+
21.30 «МЕДИЦИНА БУДУЩЕ-
ГО» 12+
22.05 НОВОСТИ ТАУ. ИТОГИ 16+
23.00 «МОЕ РОДНОЕ. ЕДА» 12+
23.40 «ОЗОРНАЯ ЭКСКУР-
СИЯ» 6+
00.00 «ПАСХАЛЬНОЕ БОГО-
СЛУЖЕНИЕ»
02.45 КРЫЛАТЫЙ КОСМОС 12+
03.25 «МЕДИЦИНА БУДУЩЕ-
ГО» 12+
5
4.00 Т/С «СВОИ» 16+
6.20 Т/С «СВОИ - 4» 16+
9.00 СВЕТСКАЯ ХРОНИКА 16+
10.00 «ОНИ ПОТРЯСЛИ МИР»
12+
10.55 Х/Ф «БАЛАМУТ» 12+
12.35 Х/Ф «БЛОНДИНКА ЗА
УГЛОМ» 12+
14.15 Т/С «СТАЖЕР» 16+
17.50 Т/С «СЛЕД» 16+
00.00 «ИЗВЕСТИЯ. ГЛАВНОЕ»
16+
00.55 Т/С «ПРОКУРОРСКАЯ
ПРОВЕРКА» 16+
